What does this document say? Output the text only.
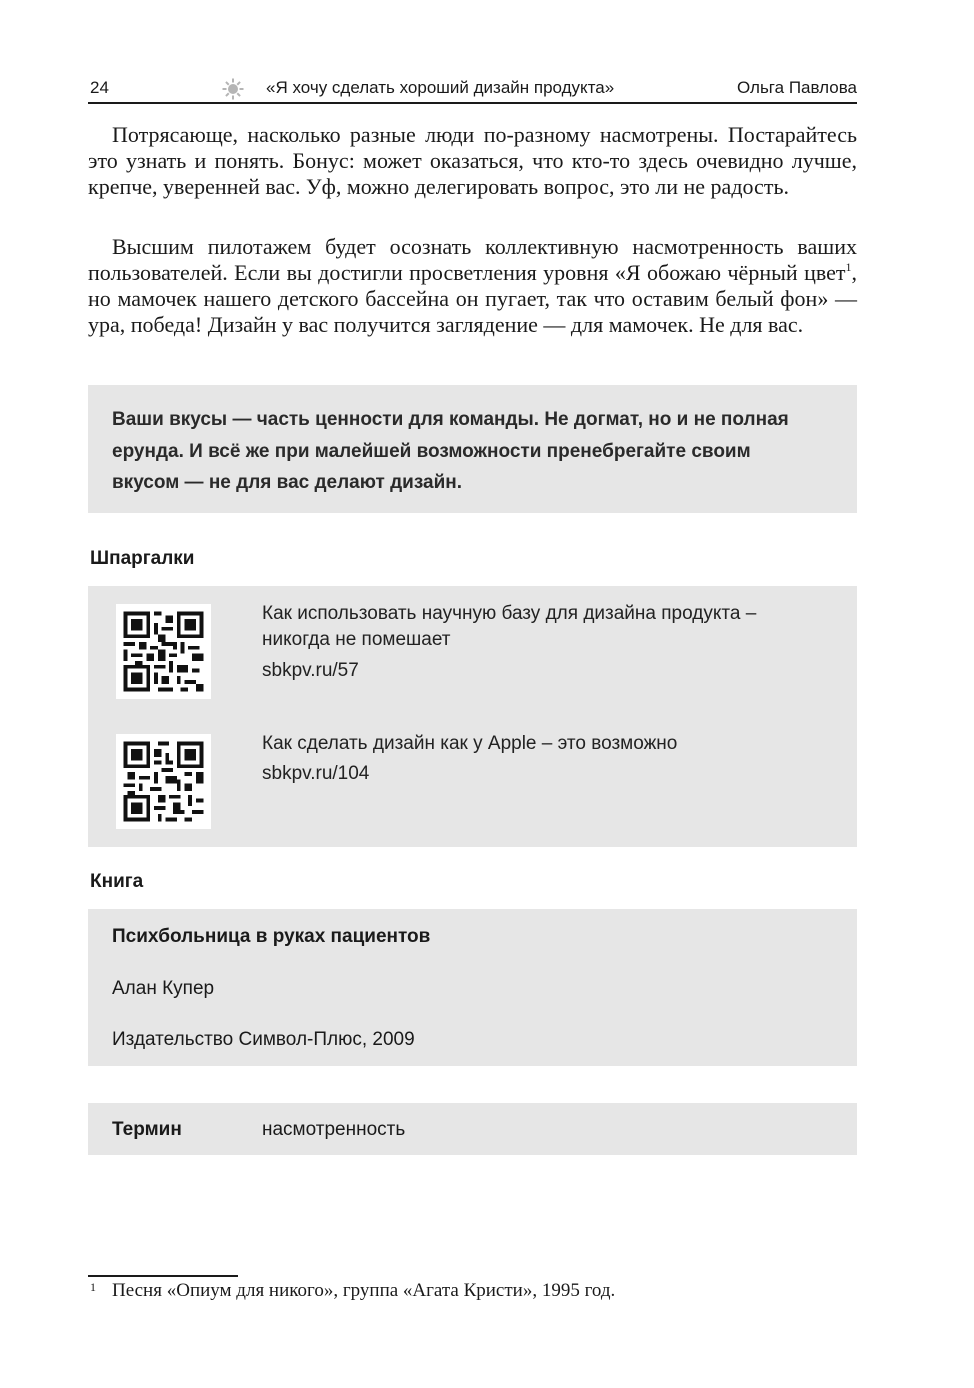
24	«Я хочу сделать хороший дизайн продукта»	Ольга Павлова

Потрясающе, насколько разные люди по-разному насмотрены. Постарайтесь это узнать и понять. Бонус: может оказаться, что кто-то здесь очевидно лучше, крепче, уверенней вас. Уф, можно делегировать вопрос, это ли не радость.

Высшим пилотажем будет осознать коллективную насмотренность ваших пользователей. Если вы достигли просветления уровня «Я обожаю чёрный цвет$^1$, но мамочек нашего детского бассейна он пугает, так что оставим белый фон» — ура, победа! Дизайн у вас получится заглядение — для мамочек. Не для вас.

Ваши вкусы — часть ценности для команды. Не догмат, но и не полная ерунда. И всё же при малейшей возможности пренебрегайте своим вкусом — не для вас делают дизайн.

Шпаргалки

Как использовать научную базу для дизайна продукта – никогда не помешает

sbkpv.ru/57

Как сделать дизайн как у Apple – это возможно

sbkpv.ru/104

Книга
Психбольница в руках пациентов
Алан Купер
Издательство Символ-Плюс, 2009
Термин	насмотренность
1 Песня «Опиум для никого», группа «Агата Кристи», 1995 год.
